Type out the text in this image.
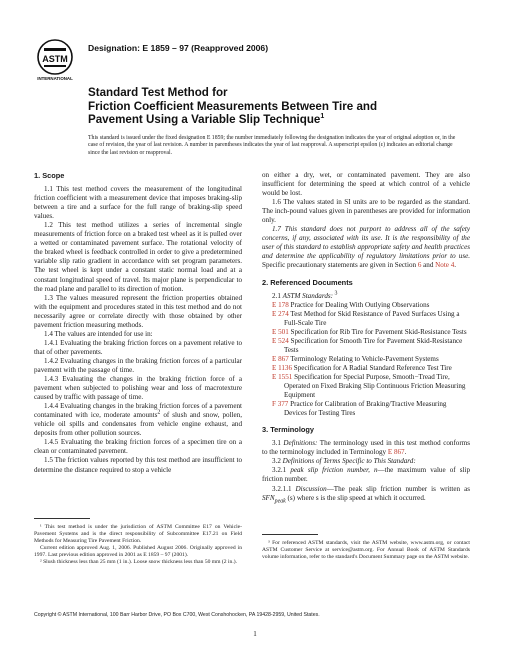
ASTM
INTERNATIONAL
Designation: E 1859 – 97 (Reapproved 2006)
Standard Test Method for
Friction Coefficient Measurements Between Tire and
Pavement Using a Variable Slip Technique$^1$
This standard is issued under the fixed designation E 1859; the number immediately following the designation indicates the year of original adoption or, in the case of revision, the year of last revision. A number in parentheses indicates the year of last reapproval. A superscript epsilon (ε) indicates an editorial change since the last revision or reapproval.
1. Scope

1.1 This test method covers the measurement of the longitudinal friction coefficient with a measurement device that imposes braking-slip between a tire and a surface for the full range of braking-slip speed values.

1.2 This test method utilizes a series of incremental single measurements of friction force on a braked test wheel as it is pulled over a wetted or contaminated pavement surface. The rotational velocity of the braked wheel is feedback controlled in order to give a predetermined variable slip ratio gradient in accordance with set program parameters. The test wheel is kept under a constant static normal load and at a constant longitudinal speed of travel. Its major plane is perpendicular to the road plane and parallel to its direction of motion.

1.3 The values measured represent the friction properties obtained with the equipment and procedures stated in this test method and do not necessarily agree or correlate directly with those obtained by other pavement friction measuring methods.

1.4 The values are intended for use in:

1.4.1 Evaluating the braking friction forces on a pavement relative to that of other pavements.

1.4.2 Evaluating changes in the braking friction forces of a particular pavement with the passage of time.

1.4.3 Evaluating the changes in the braking friction force of a pavement when subjected to polishing wear and loss of macrotexture caused by traffic with passage of time.

1.4.4 Evaluating changes in the braking friction forces of a pavement contaminated with ice, moderate amounts$^2$ of slush and snow, pollen, vehicle oil spills and condensates from vehicle engine exhaust, and deposits from other pollution sources.

1.4.5 Evaluating the braking friction forces of a specimen tire on a clean or contaminated pavement.

1.5 The friction values reported by this test method are insufficient to determine the distance required to stop a vehicle

on either a dry, wet, or contaminated pavement. They are also insufficient for determining the speed at which control of a vehicle would be lost.

1.6 The values stated in SI units are to be regarded as the standard. The inch-pound values given in parentheses are provided for information only.

1.7 This standard does not purport to address all of the safety concerns, if any, associated with its use. It is the responsibility of the user of this standard to establish appropriate safety and health practices and determine the applicability of regulatory limitations prior to use. Specific precautionary statements are given in Section 6 and Note 4.

2. Referenced Documents

2.1 ASTM Standards: $^3$

E 178 Practice for Dealing With Outlying Observations
E 274 Test Method for Skid Resistance of Paved Surfaces Using a Full-Scale Tire
E 501 Specification for Rib Tire for Pavement Skid-Resistance Tests
E 524 Specification for Smooth Tire for Pavement Skid-Resistance Tests
E 867 Terminology Relating to Vehicle-Pavement Systems
E 1136 Specification for A Radial Standard Reference Test Tire
E 1551 Specification for Special Purpose, Smooth−Tread Tire, Operated on Fixed Braking Slip Continuous Friction Measuring Equipment
F 377 Practice for Calibration of Braking/Tractive Measuring Devices for Testing Tires
3. Terminology

3.1 Definitions: The terminology used in this test method conforms to the terminology included in Terminology E 867.

3.2 Definitions of Terms Specific to This Standard:

3.2.1 peak slip friction number, n—the maximum value of slip friction number.

3.2.1.1 Discussion—The peak slip friction number is written as $SFN_{peak}$ (s) where s is the slip speed at which it occurred.

¹ This test method is under the jurisdiction of ASTM Committee E17 on Vehicle-Pavement Systems and is the direct responsibility of Subcommittee E17.21 on Field Methods for Measuring Tire Pavement Friction.

Current edition approved Aug. 1, 2006. Published August 2006. Originally approved in 1997. Last previous edition approved in 2001 as E 1859 – 97 (2001).

² Slush thickness less than 25 mm (1 in.). Loose snow thickness less than 50 mm (2 in.).

³ For referenced ASTM standards, visit the ASTM website, www.astm.org, or contact ASTM Customer Service at service@astm.org. For Annual Book of ASTM Standards volume information, refer to the standard's Document Summary page on the ASTM website.

Copyright © ASTM International, 100 Barr Harbor Drive, PO Box C700, West Conshohocken, PA 19428-2959, United States.
1
